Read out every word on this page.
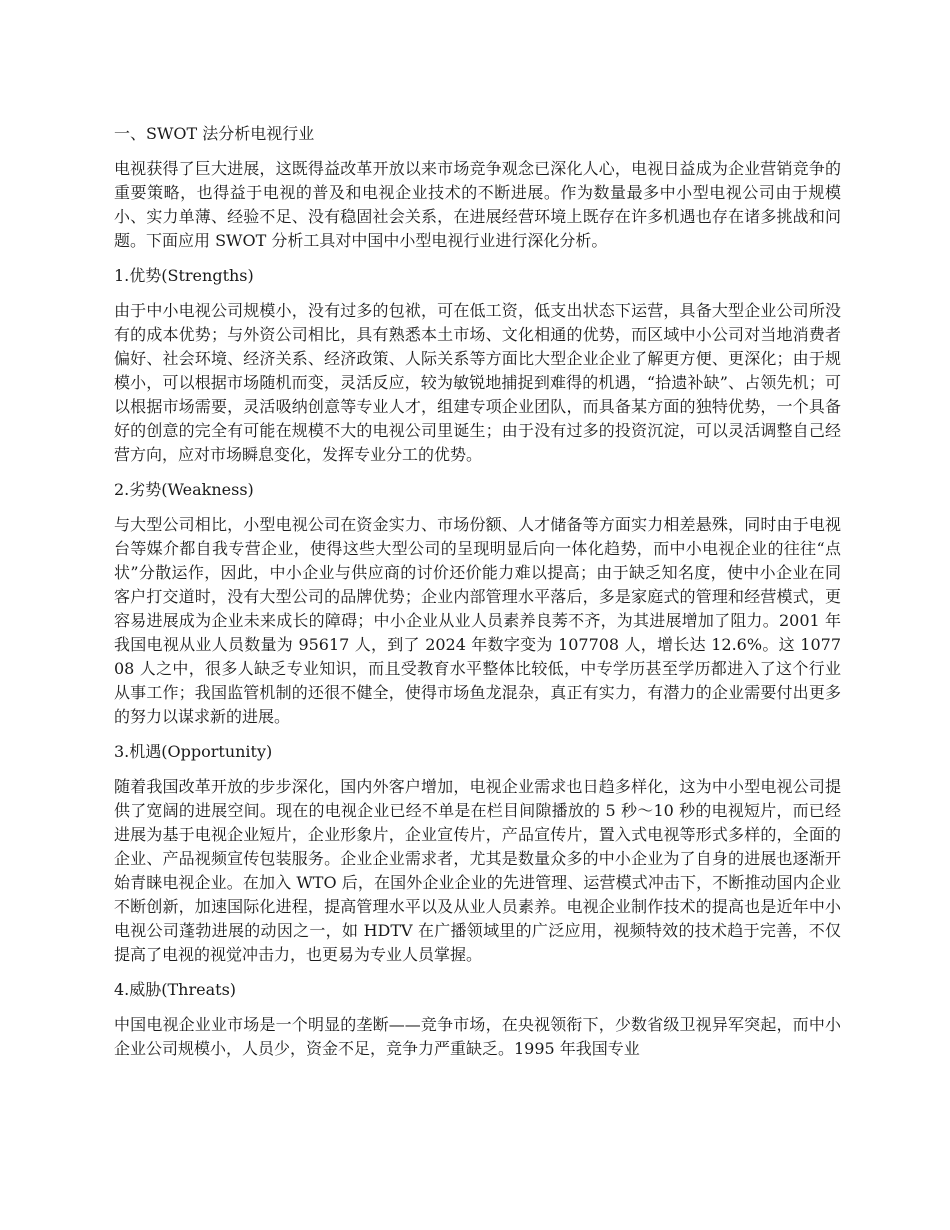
一、SWOT 法分析电视行业
电视获得了巨大进展，这既得益改革开放以来市场竞争观念已深化人心，电视日益成为企业营销竞争的重要策略，也得益于电视的普及和电视企业技术的不断进展。作为数量最多中小型电视公司由于规模小、实力单薄、经验不足、没有稳固社会关系，在进展经营环境上既存在许多机遇也存在诸多挑战和问题。下面应用 SWOT 分析工具对中国中小型电视行业进行深化分析。
1.优势(Strengths)
由于中小电视公司规模小，没有过多的包袱，可在低工资，低支出状态下运营，具备大型企业公司所没有的成本优势；与外资公司相比，具有熟悉本土市场、文化相通的优势，而区域中小公司对当地消费者偏好、社会环境、经济关系、经济政策、人际关系等方面比大型企业企业了解更方便、更深化；由于规模小，可以根据市场随机而变，灵活反应，较为敏锐地捕捉到难得的机遇，“拾遗补缺”、占领先机；可以根据市场需要，灵活吸纳创意等专业人才，组建专项企业团队，而具备某方面的独特优势，一个具备好的创意的完全有可能在规模不大的电视公司里诞生；由于没有过多的投资沉淀，可以灵活调整自己经营方向，应对市场瞬息变化，发挥专业分工的优势。
2.劣势(Weakness)
与大型公司相比，小型电视公司在资金实力、市场份额、人才储备等方面实力相差悬殊，同时由于电视台等媒介都自我专营企业，使得这些大型公司的呈现明显后向一体化趋势，而中小电视企业的往往“点状”分散运作，因此，中小企业与供应商的讨价还价能力难以提高；由于缺乏知名度，使中小企业在同客户打交道时，没有大型公司的品牌优势；企业内部管理水平落后，多是家庭式的管理和经营模式，更容易进展成为企业未来成长的障碍；中小企业从业人员素养良莠不齐，为其进展增加了阻力。2001 年我国电视从业人员数量为 95617 人，到了 2024 年数字变为 107708 人，增长达 12.6%。这 107708 人之中，很多人缺乏专业知识，而且受教育水平整体比较低，中专学历甚至学历都进入了这个行业从事工作；我国监管机制的还很不健全，使得市场鱼龙混杂，真正有实力，有潜力的企业需要付出更多的努力以谋求新的进展。
3.机遇(Opportunity)
随着我国改革开放的步步深化，国内外客户增加，电视企业需求也日趋多样化，这为中小型电视公司提供了宽阔的进展空间。现在的电视企业已经不单是在栏目间隙播放的 5 秒～10 秒的电视短片，而已经进展为基于电视企业短片，企业形象片，企业宣传片，产品宣传片，置入式电视等形式多样的，全面的企业、产品视频宣传包装服务。企业企业需求者，尤其是数量众多的中小企业为了自身的进展也逐渐开始青睐电视企业。在加入 WTO 后，在国外企业企业的先进管理、运营模式冲击下，不断推动国内企业不断创新，加速国际化进程，提高管理水平以及从业人员素养。电视企业制作技术的提高也是近年中小电视公司蓬勃进展的动因之一，如 HDTV 在广播领域里的广泛应用，视频特效的技术趋于完善，不仅提高了电视的视觉冲击力，也更易为专业人员掌握。
4.威胁(Threats)
中国电视企业业市场是一个明显的垄断——竞争市场，在央视领衔下，少数省级卫视异军突起，而中小企业公司规模小，人员少，资金不足，竞争力严重缺乏。1995 年我国专业
